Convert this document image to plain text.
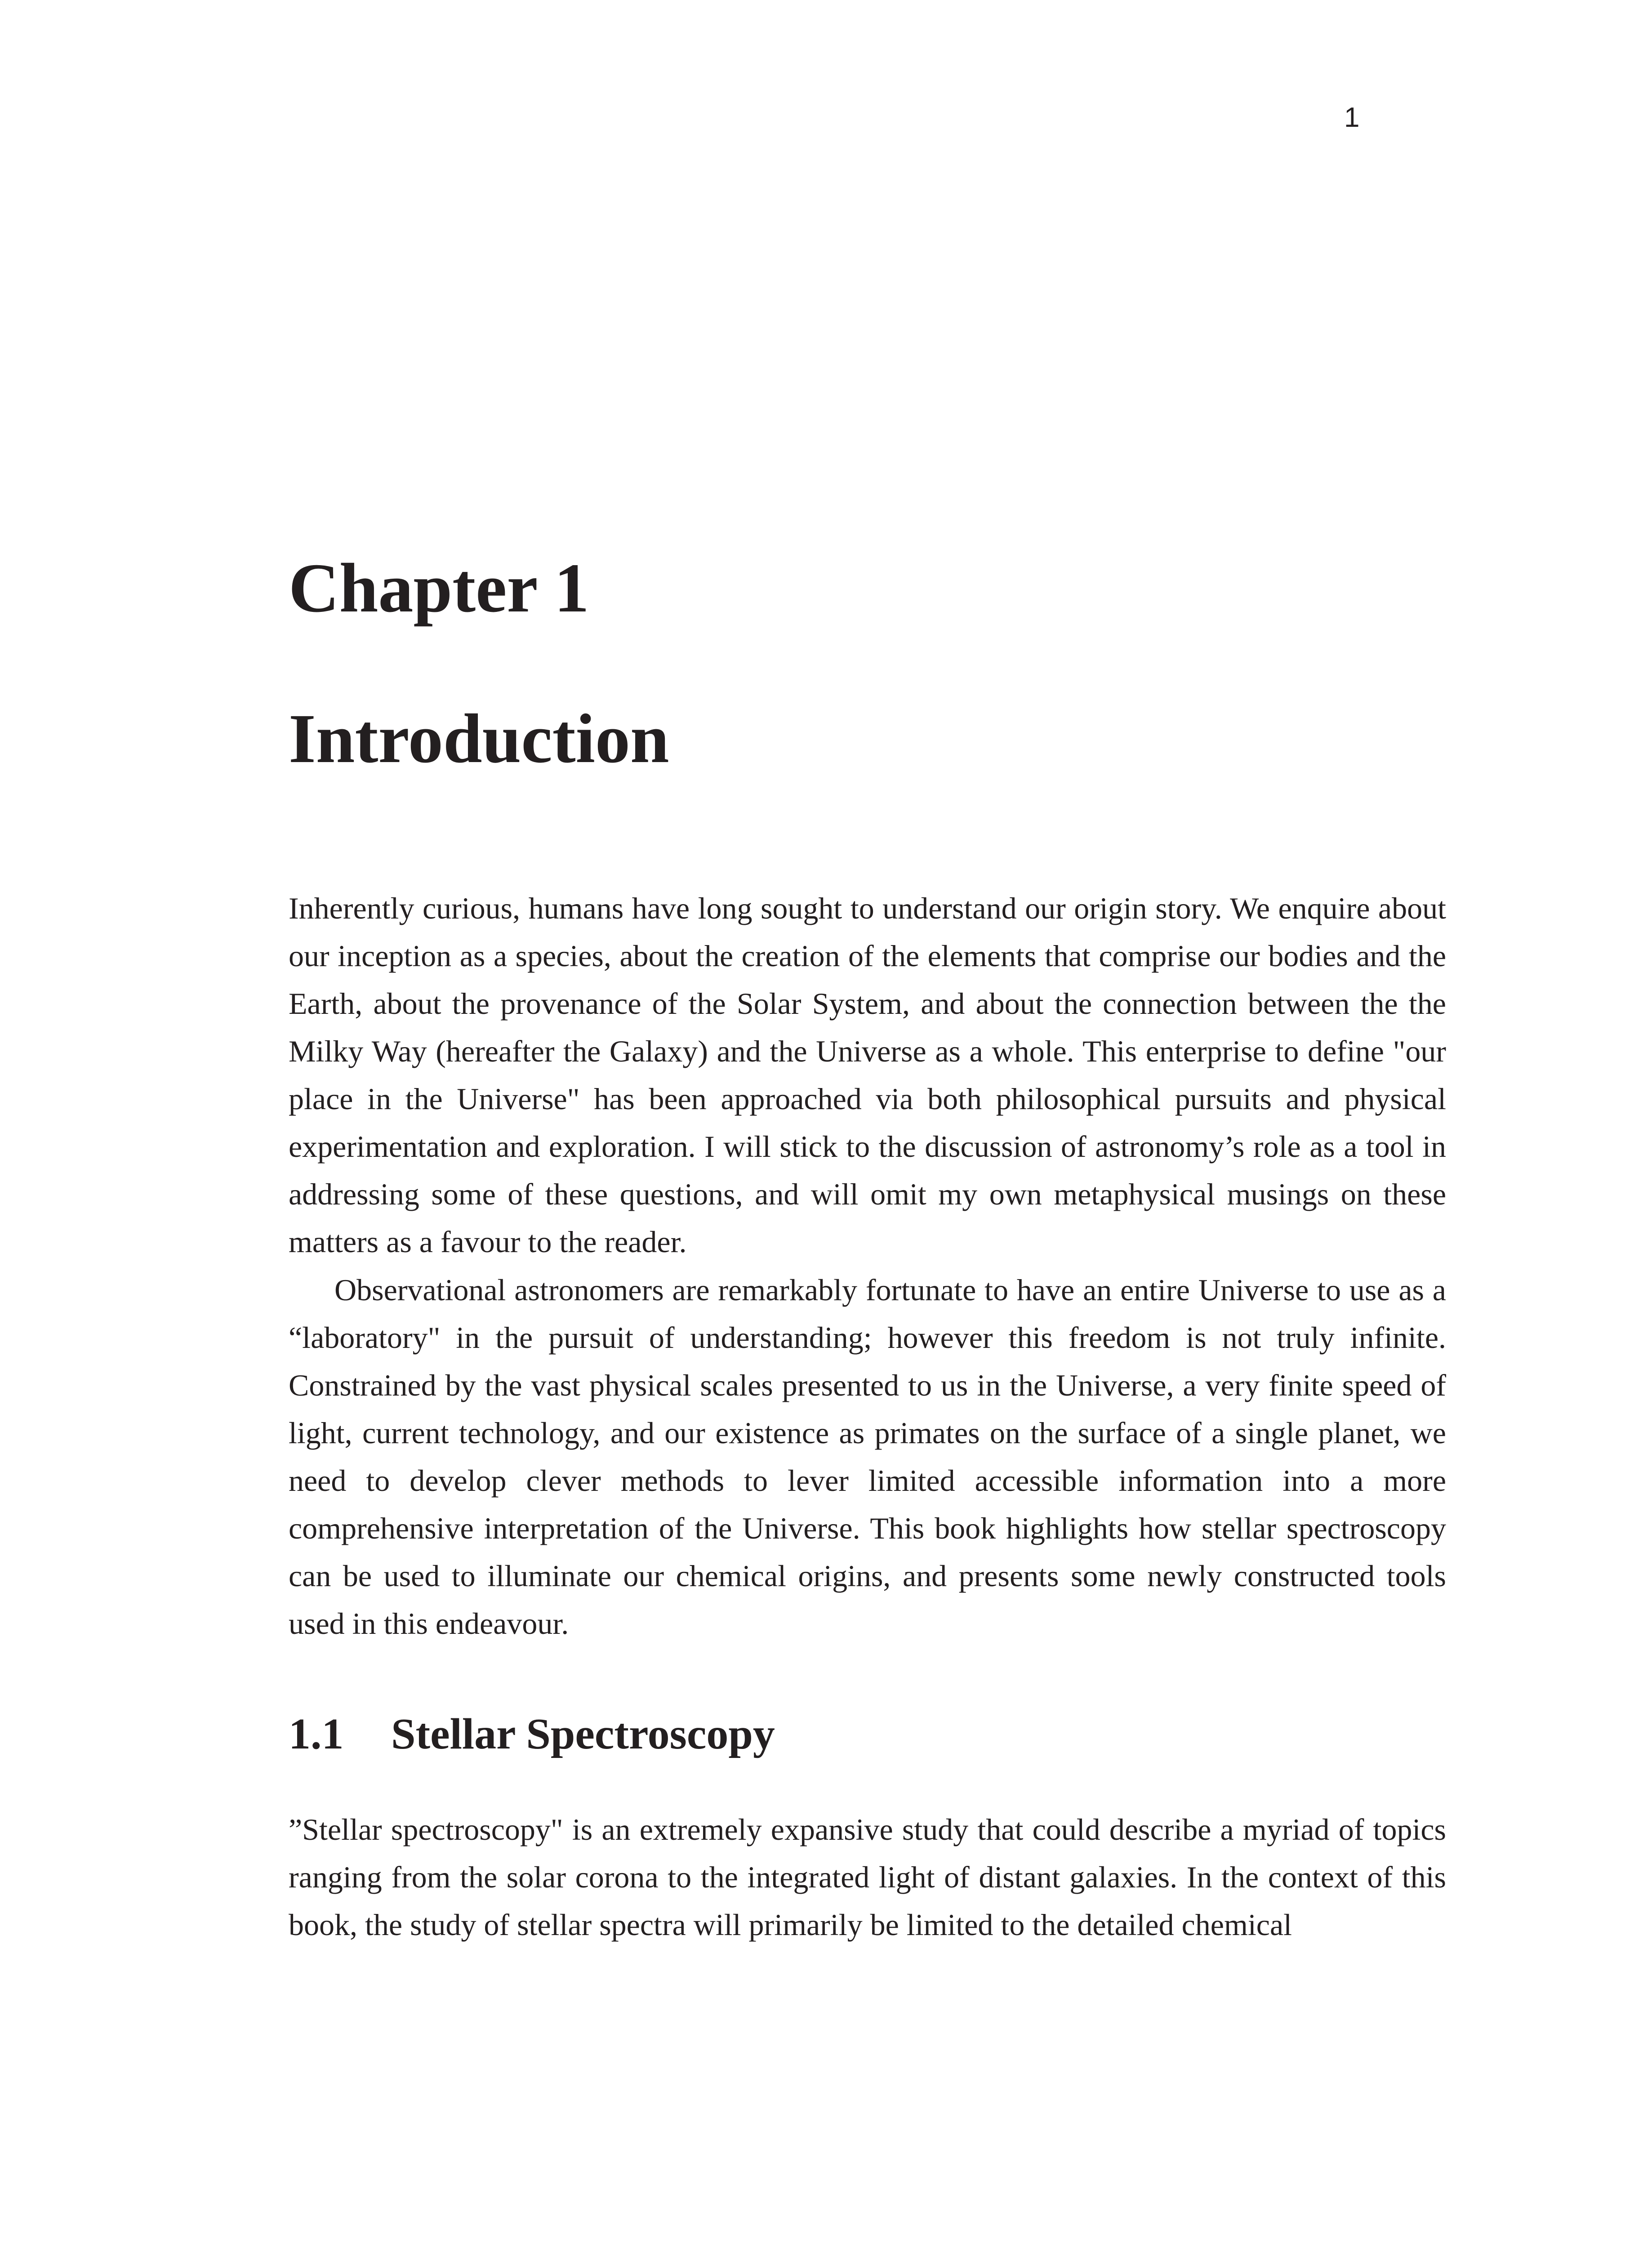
1
Chapter 1
Introduction

Inherently curious, humans have long sought to understand our origin story. We enquire about our inception as a species, about the creation of the elements that comprise our bodies and the Earth, about the provenance of the Solar System, and about the connection between the the Milky Way (hereafter the Galaxy) and the Universe as a whole. This enterprise to define "our place in the Universe" has been approached via both philosophical pursuits and physical experimentation and exploration. I will stick to the discussion of astronomy’s role as a tool in addressing some of these questions, and will omit my own metaphysical musings on these matters as a favour to the reader.

Observational astronomers are remarkably fortunate to have an entire Universe to use as a “laboratory" in the pursuit of understanding; however this freedom is not truly infinite. Constrained by the vast physical scales presented to us in the Universe, a very finite speed of light, current technology, and our existence as primates on the surface of a single planet, we need to develop clever methods to lever limited accessible information into a more comprehensive interpretation of the Universe. This book highlights how stellar spectroscopy can be used to illuminate our chemical origins, and presents some newly constructed tools used in this endeavour.

1.1 Stellar Spectroscopy

”Stellar spectroscopy" is an extremely expansive study that could describe a myriad of topics ranging from the solar corona to the integrated light of distant galaxies. In the context of this book, the study of stellar spectra will primarily be limited to the detailed chemical
